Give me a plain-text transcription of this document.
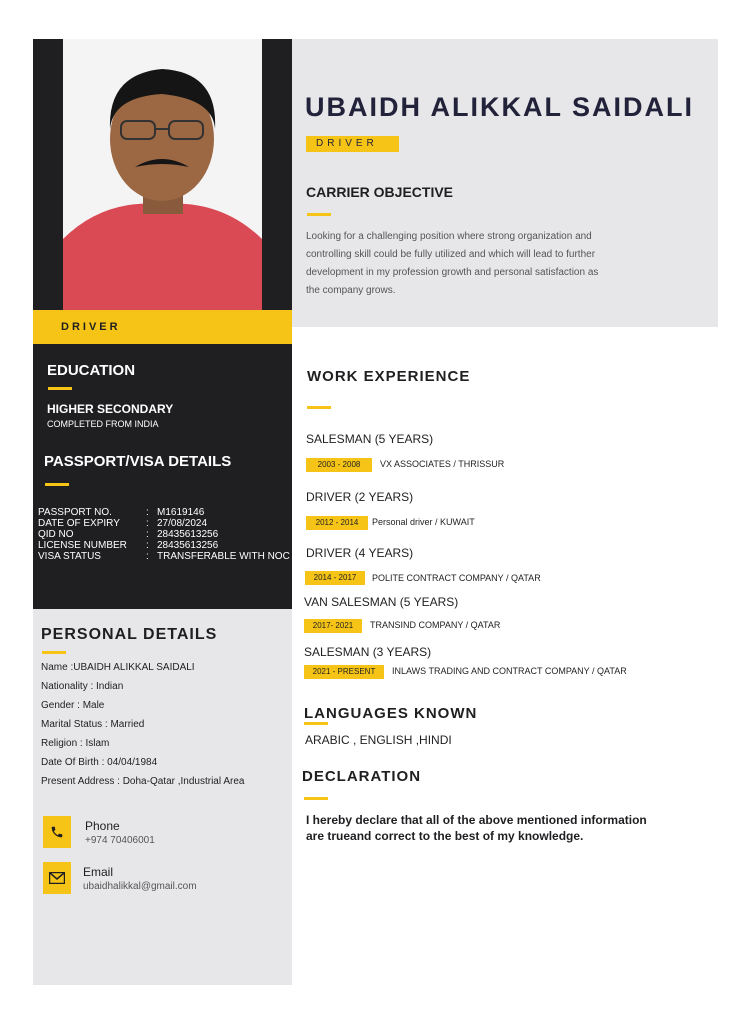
DRIVER
EDUCATION
HIGHER SECONDARY
COMPLETED FROM INDIA
PASSPORT/VISA DETAILS
PASSPORT NO.	: M1619146
DATE OF EXPIRY	: 27/08/2024
QID NO	: 28435613256
LICENSE NUMBER	: 28435613256
VISA STATUS	: TRANSFERABLE WITH NOC
PERSONAL DETAILS
Name :UBAIDH ALIKKAL SAIDALI
Nationality : Indian
Gender : Male
Marital Status : Married
Religion : Islam
Date Of Birth : 04/04/1984
Present Address : Doha-Qatar ,Industrial Area
Phone
+974 70406001
Email
ubaidhalikkal@gmail.com
UBAIDH ALIKKAL SAIDALI
DRIVER
CARRIER OBJECTIVE
Looking for a challenging position where strong organization and
controlling skill could be fully utilized and which will lead to further
development in my profession growth and personal satisfaction as
the company grows.
WORK EXPERIENCE
SALESMAN (5 YEARS)
2003 - 2008	VX ASSOCIATES / THRISSUR
DRIVER (2 YEARS)
2012 - 2014	Personal driver / KUWAIT
DRIVER (4 YEARS)
2014 - 2017	POLITE CONTRACT COMPANY / QATAR
VAN SALESMAN (5 YEARS)
2017- 2021	TRANSIND COMPANY / QATAR
SALESMAN (3 YEARS)
2021 - PRESENT	INLAWS TRADING AND CONTRACT COMPANY / QATAR
LANGUAGES KNOWN
ARABIC , ENGLISH ,HINDI
DECLARATION
I hereby declare that all of the above mentioned information
are trueand correct to the best of my knowledge.
